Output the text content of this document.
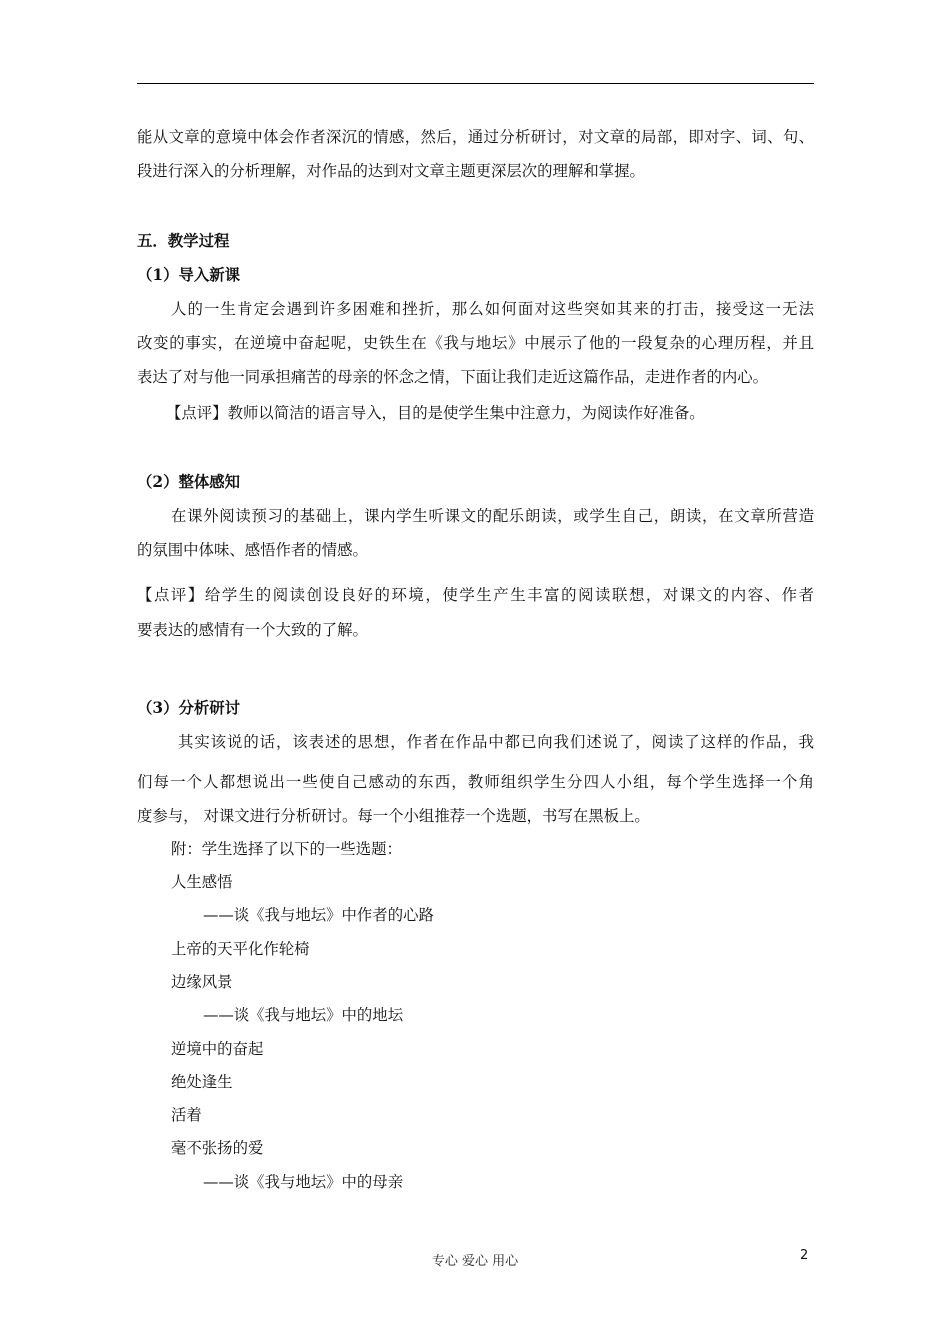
能从文章的意境中体会作者深沉的情感，然后，通过分析研讨，对文章的局部，即对字、词、句、
段进行深入的分析理解，对作品的达到对文章主题更深层次的理解和掌握。
五．教学过程
（1）导入新课
人的一生肯定会遇到许多困难和挫折，那么如何面对这些突如其来的打击，接受这一无法
改变的事实，在逆境中奋起呢，史铁生在《我与地坛》中展示了他的一段复杂的心理历程，并且
表达了对与他一同承担痛苦的母亲的怀念之情，下面让我们走近这篇作品，走进作者的内心。
【点评】教师以简洁的语言导入，目的是使学生集中注意力，为阅读作好准备。
（2）整体感知
在课外阅读预习的基础上，课内学生听课文的配乐朗读，或学生自己，朗读，在文章所营造
的氛围中体味、感悟作者的情感。
【点评】给学生的阅读创设良好的环境，使学生产生丰富的阅读联想，对课文的内容、作者
要表达的感情有一个大致的了解。
（3）分析研讨
其实该说的话，该表述的思想，作者在作品中都已向我们述说了，阅读了这样的作品，我
们每一个人都想说出一些使自己感动的东西，教师组织学生分四人小组，每个学生选择一个角
度参与， 对课文进行分析研讨。每一个小组推荐一个选题，书写在黑板上。
附：学生选择了以下的一些选题：
人生感悟
——谈《我与地坛》中作者的心路
上帝的天平化作轮椅
边缘风景
——谈《我与地坛》中的地坛
逆境中的奋起
绝处逢生
活着
毫不张扬的爱
——谈《我与地坛》中的母亲
专心 爱心 用心	2
